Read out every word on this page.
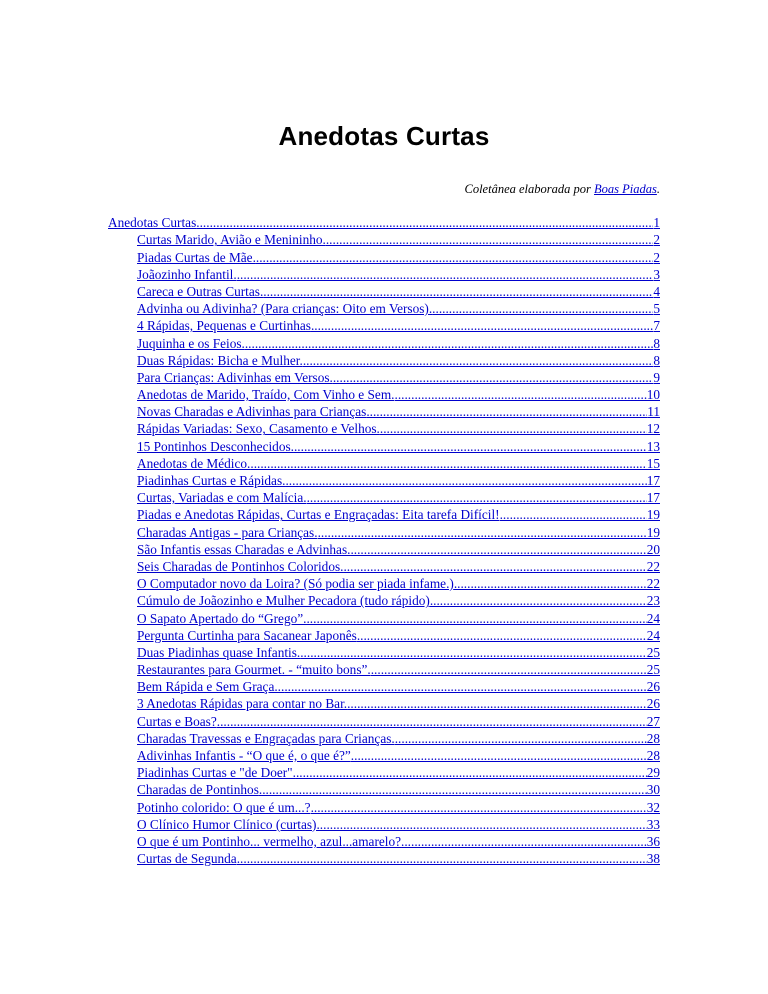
Anedotas Curtas
Coletânea elaborada por Boas Piadas.
Anedotas Curtas .....	1
Curtas Marido, Avião e Menininho. .....	2
Piadas Curtas de Mãe. .....	2
Joãozinho Infantil. .....	3
Careca e Outras Curtas. .....	4
Advinha ou Adivinha? (Para crianças: Oito em Versos). .....	5
4 Rápidas, Pequenas e Curtinhas .....	7
Juquinha e os Feios. .....	8
Duas Rápidas: Bicha e Mulher. .....	8
Para Crianças: Adivinhas em Versos. .....	9
Anedotas de Marido, Traído, Com Vinho e Sem. .....	10
Novas Charadas e Adivinhas para Crianças .....	11
Rápidas Variadas: Sexo, Casamento e Velhos. .....	12
15 Pontinhos Desconhecidos. .....	13
Anedotas de Médico. .....	15
Piadinhas Curtas e Rápidas. .....	17
Curtas, Variadas e com Malícia. .....	17
Piadas e Anedotas Rápidas, Curtas e Engraçadas: Eita tarefa Difícil! .....	19
Charadas Antigas - para Crianças. .....	19
São Infantis essas Charadas e Advinhas. .....	20
Seis Charadas de Pontinhos Coloridos. .....	22
O Computador novo da Loira? (Só podia ser piada infame.) .....	22
Cúmulo de Joãozinho e Mulher Pecadora (tudo rápido) .....	23
O Sapato Apertado do “Grego”. .....	24
Pergunta Curtinha para Sacanear Japonês .....	24
Duas Piadinhas quase Infantis. .....	25
Restaurantes para Gourmet. - “muito bons”. .....	25
Bem Rápida e Sem Graça... .....	26
3 Anedotas Rápidas para contar no Bar. .....	26
Curtas e Boas? .....	27
Charadas Travessas e Engraçadas para Crianças. .....	28
Adivinhas Infantis - “O que é, o que é?” .....	28
Piadinhas Curtas e "de Doer". .....	29
Charadas de Pontinhos .....	30
Potinho colorido: O que é um...? .....	32
O Clínico Humor Clínico (curtas) .....	33
O que é um Pontinho... vermelho, azul...amarelo? .....	36
Curtas de Segunda .....	38
